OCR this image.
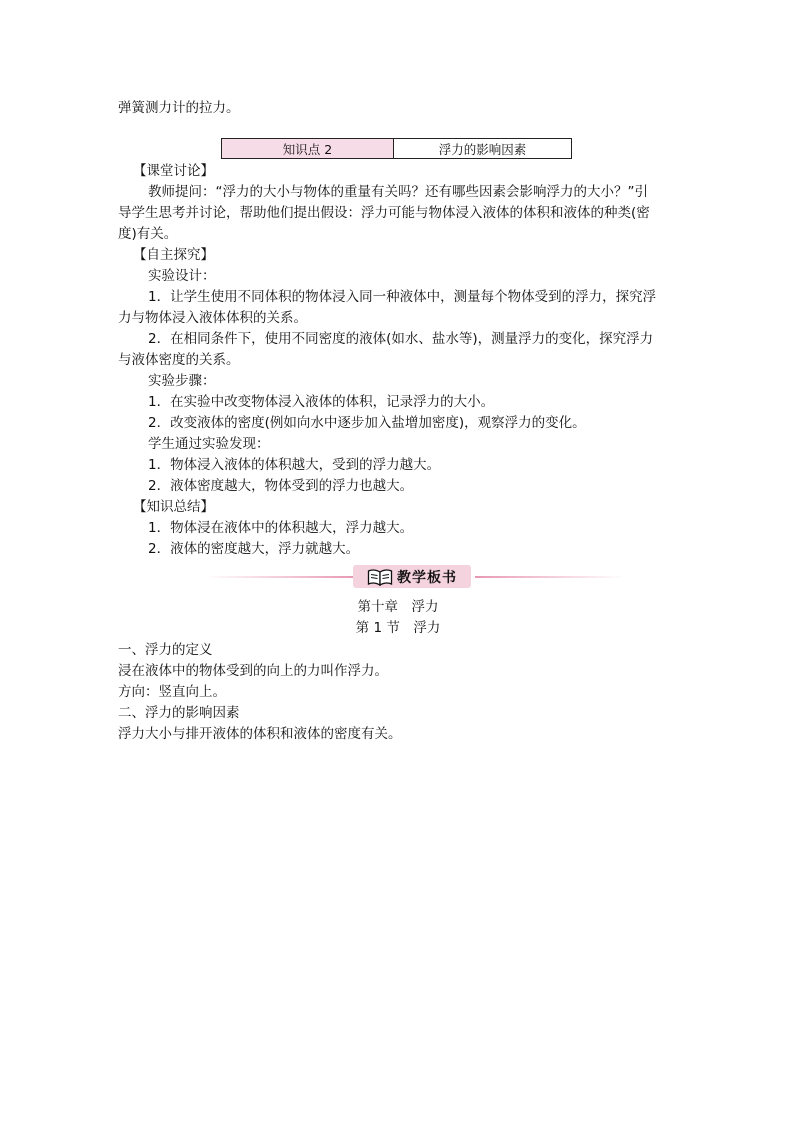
弹簧测力计的拉力。
知识点 2	浮力的影响因素
【课堂讨论】
教师提问：“浮力的大小与物体的重量有关吗？还有哪些因素会影响浮力的大小？”引
导学生思考并讨论，帮助他们提出假设：浮力可能与物体浸入液体的体积和液体的种类(密
度)有关。
【自主探究】
实验设计：
1．让学生使用不同体积的物体浸入同一种液体中，测量每个物体受到的浮力，探究浮
力与物体浸入液体体积的关系。
2．在相同条件下，使用不同密度的液体(如水、盐水等)，测量浮力的变化，探究浮力
与液体密度的关系。
实验步骤：
1．在实验中改变物体浸入液体的体积，记录浮力的大小。
2．改变液体的密度(例如向水中逐步加入盐增加密度)，观察浮力的变化。
学生通过实验发现：
1．物体浸入液体的体积越大，受到的浮力越大。
2．液体密度越大，物体受到的浮力也越大。
【知识总结】
1．物体浸在液体中的体积越大，浮力越大。
2．液体的密度越大，浮力就越大。
教学板书
第十章　浮力
第 1 节　浮力
一、浮力的定义
浸在液体中的物体受到的向上的力叫作浮力。
方向：竖直向上。
二、浮力的影响因素
浮力大小与排开液体的体积和液体的密度有关。
